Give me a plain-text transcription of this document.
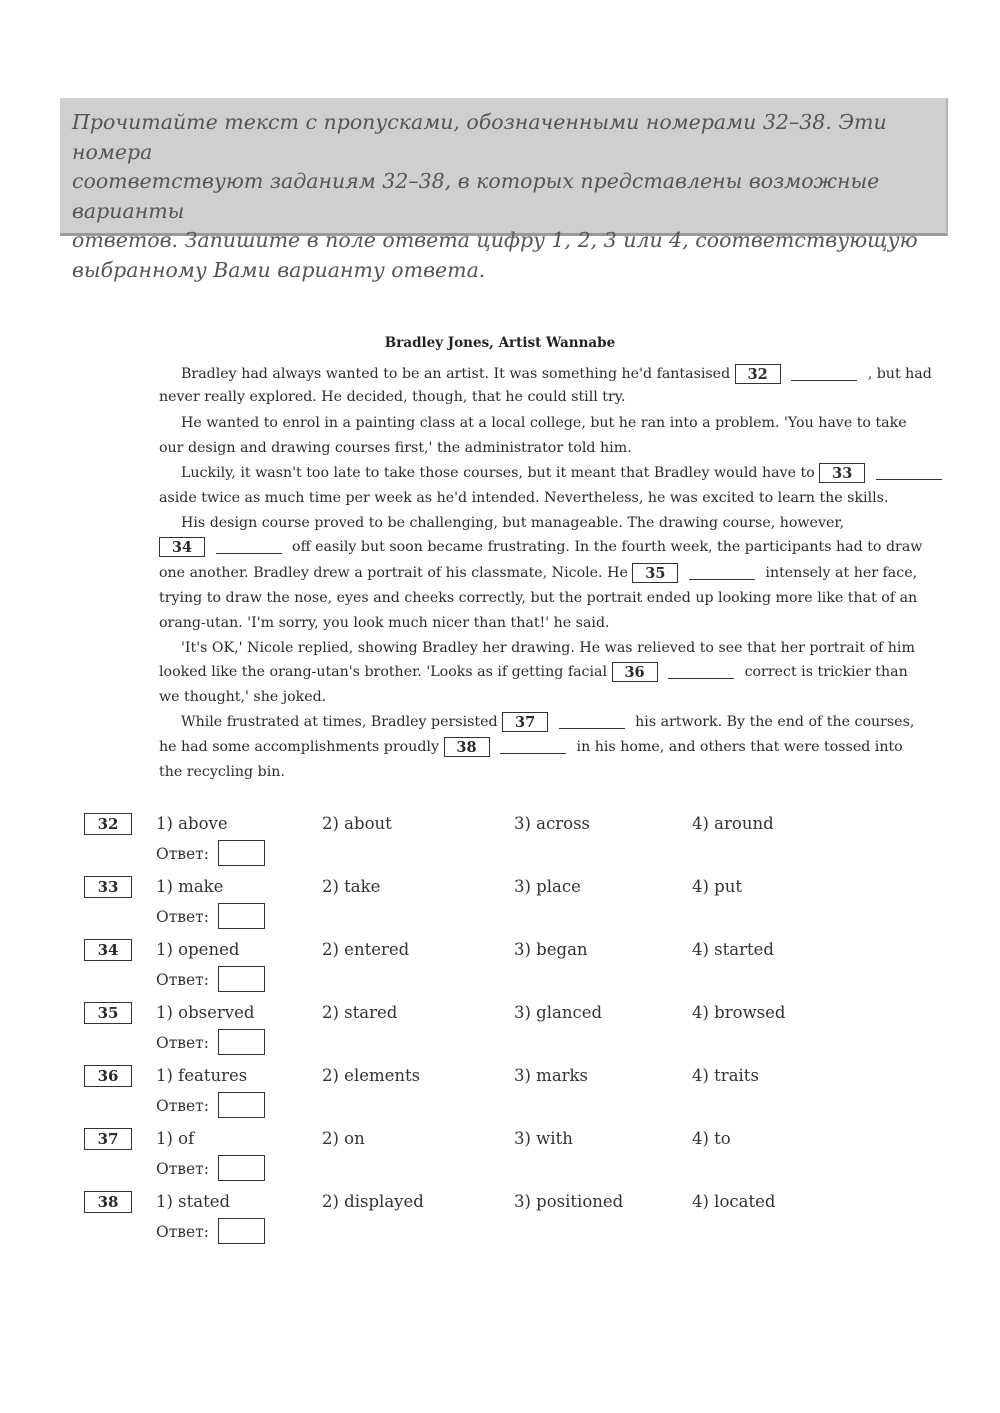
Прочитайте текст с пропусками, обозначенными номерами 32–38. Эти номера

соответствуют заданиям 32–38, в которых представлены возможные варианты

ответов. Запишите в поле ответа цифру 1, 2, 3 или 4, соответствующую

выбранному Вами варианту ответа.

Bradley Jones, Artist Wannabe
Bradley had always wanted to be an artist. It was something he'd fantasised 32	, but had
never really explored. He decided, though, that he could still try.
He wanted to enrol in a painting class at a local college, but he ran into a problem. 'You have to take
our design and drawing courses first,' the administrator told him.
Luckily, it wasn't too late to take those courses, but it meant that Bradley would have to 33
aside twice as much time per week as he'd intended. Nevertheless, he was excited to learn the skills.
His design course proved to be challenging, but manageable. The drawing course, however,
34	off easily but soon became frustrating. In the fourth week, the participants had to draw
one another. Bradley drew a portrait of his classmate, Nicole. He 35	intensely at her face,
trying to draw the nose, eyes and cheeks correctly, but the portrait ended up looking more like that of an
orang-utan. 'I'm sorry, you look much nicer than that!' he said.
'It's OK,' Nicole replied, showing Bradley her drawing. He was relieved to see that her portrait of him
looked like the orang-utan's brother. 'Looks as if getting facial 36	correct is trickier than
we thought,' she joked.
While frustrated at times, Bradley persisted 37	his artwork. By the end of the courses,
he had some accomplishments proudly 38	in his home, and others that were tossed into
the recycling bin.
32	1) above	2) about	3) across	4) around
Ответ:
33	1) make	2) take	3) place	4) put
Ответ:
34	1) opened	2) entered	3) began	4) started
Ответ:
35	1) observed	2) stared	3) glanced	4) browsed
Ответ:
36	1) features	2) elements	3) marks	4) traits
Ответ:
37	1) of	2) on	3) with	4) to
Ответ:
38	1) stated	2) displayed	3) positioned	4) located
Ответ:
